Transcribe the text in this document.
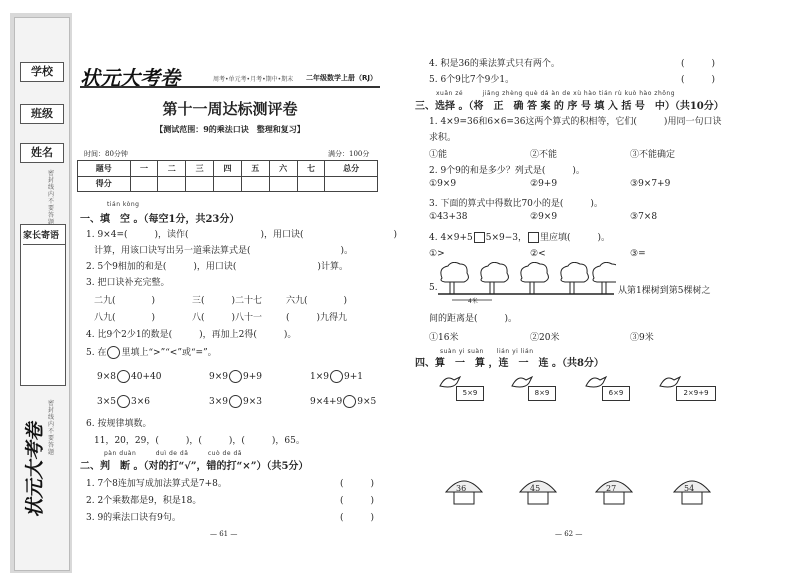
学校
班级
姓名
家长寄语
密封线内不要答题
密封线内不要答题
状元大考卷
状元大考卷	周考•单元考•月考•期中•期末 二年级数学上册（RJ）
第十一周达标测评卷
【测试范围：9的乘法口诀　整理和复习】
时间：80分钟	满分：100分
题号	一	二	三	四	五	六	七	总分
得分								
tián kòng
一、填　空 。（每空1分，共23分）
1. 9×4=(　　　)，读作(　　　　　　　　)，用口诀(　　　　　　　　　　)
计算，用该口诀写出另一道乘法算式是(　　　　　　　　　　)。
2. 5个9相加的和是(　　　)，用口诀(　　　　　　　　　)计算。
3. 把口诀补充完整。
二九(　　　　)	三(　　　)二十七	六九(　　　　)
八九(　　　　)	八(　　　)八十一	(　　　)九得九
4. 比9个2少1的数是(　　　)，再加上2得(　　　)。
5. 在 里填上“>”“<”或“=”。
9×8 40+40	9×9 9+9	1×9 9+1
3×5 3×6	3×9 9×3	9×4+9 9×5
6. 按规律填数。
11，20，29，(　　　)，(　　　)，(　　　)，65。
pàn duàn　　　duì de dǎ　　　cuò de dǎ
二、判　断 。（对的打“√”，错的打“×”）（共5分）
1. 7个8连加写成加法算式是7+8。	(　　　)
2. 2个乘数都是9，积是18。	(　　　)
3. 9的乘法口诀有9句。	(　　　)
— 61 —
4. 积是36的乘法算式只有两个。	(　　　)
5. 6个9比7个9少1。	(　　　)
xuǎn zé　　　jiāng zhèng què dá àn de xù hào tián rù kuò hào zhōng
三、选择 。（将　正　确 答 案 的 序 号 填 入 括 号　中）（共10分）
1. 4×9=36和6×6=36这两个算式的积相等，它们(　　　)用同一句口诀
求积。
①能	②不能	③不能确定
2. 9个9的和是多少？列式是(　　　)。
①9×9	②9+9	③9×7+9
3. 下面的算式中得数比70小的是(　　　)。
①43+38	②9×9	③7×8
4. 4×9+5 5×9−3， 里应填(　　　)。
①>	②<	③=
5.
4米
从第1棵树到第5棵树之
间的距离是(　　　)。
①16米	②20米	③9米
suàn yi suàn　　lián yi lián
四、算　一　算 ，连　一　连 。（共8分）
5×9	8×9	6×9	2×9+9
36	45	27	54
— 62 —
